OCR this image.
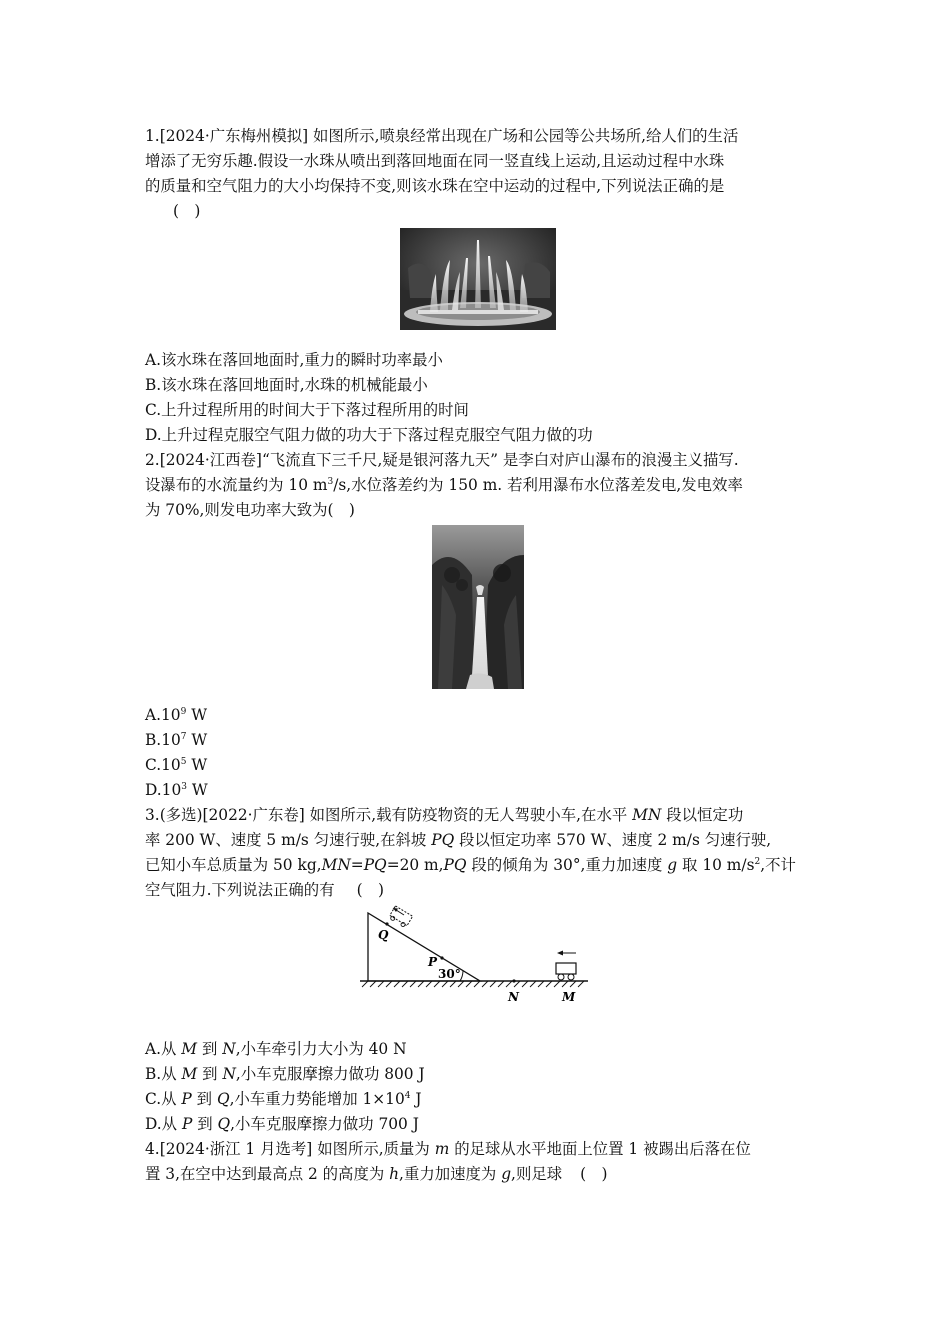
1.[2024·广东梅州模拟] 如图所示,喷泉经常出现在广场和公园等公共场所,给人们的生活
增添了无穷乐趣.假设一水珠从喷出到落回地面在同一竖直线上运动,且运动过程中水珠
的质量和空气阻力的大小均保持不变,则该水珠在空中运动的过程中,下列说法正确的是
(　)

A.该水珠在落回地面时,重力的瞬时功率最小

B.该水珠在落回地面时,水珠的机械能最小

C.上升过程所用的时间大于下落过程所用的时间

D.上升过程克服空气阻力做的功大于下落过程克服空气阻力做的功

2.[2024·江西卷]“飞流直下三千尺,疑是银河落九天” 是李白对庐山瀑布的浪漫主义描写.
设瀑布的水流量约为 10 $m^3/s$,水位落差约为 150 m. 若利用瀑布水位落差发电,发电效率
为 70%,则发电功率大致为(　)

$A.10^9$ W

$B.10^7$ W

$C.10^5$ W

$D.10^3$ W

3.(多选)[2022·广东卷] 如图所示,载有防疫物资的无人驾驶小车,在水平 MN 段以恒定功
率 200 W、速度 5 m/s 匀速行驶,在斜坡 PQ 段以恒定功率 570 W、速度 2 m/s 匀速行驶,
已知小车总质量为 50 kg,MN=PQ=20 m,PQ 段的倾角为 30°,重力加速度 g 取 10 $m/s^2$,不计
空气阻力.下列说法正确的有 (　)

Q
P
30°
N	M

A.从 M 到 N,小车牵引力大小为 40 N

B.从 M 到 N,小车克服摩擦力做功 800 J

C.从 P 到 Q,小车重力势能增加 $1\times 10^4$ J

D.从 P 到 Q,小车克服摩擦力做功 700 J

4.[2024·浙江 1 月选考] 如图所示,质量为 m 的足球从水平地面上位置 1 被踢出后落在位
置 3,在空中达到最高点 2 的高度为 h,重力加速度为 g,则足球 (　)
